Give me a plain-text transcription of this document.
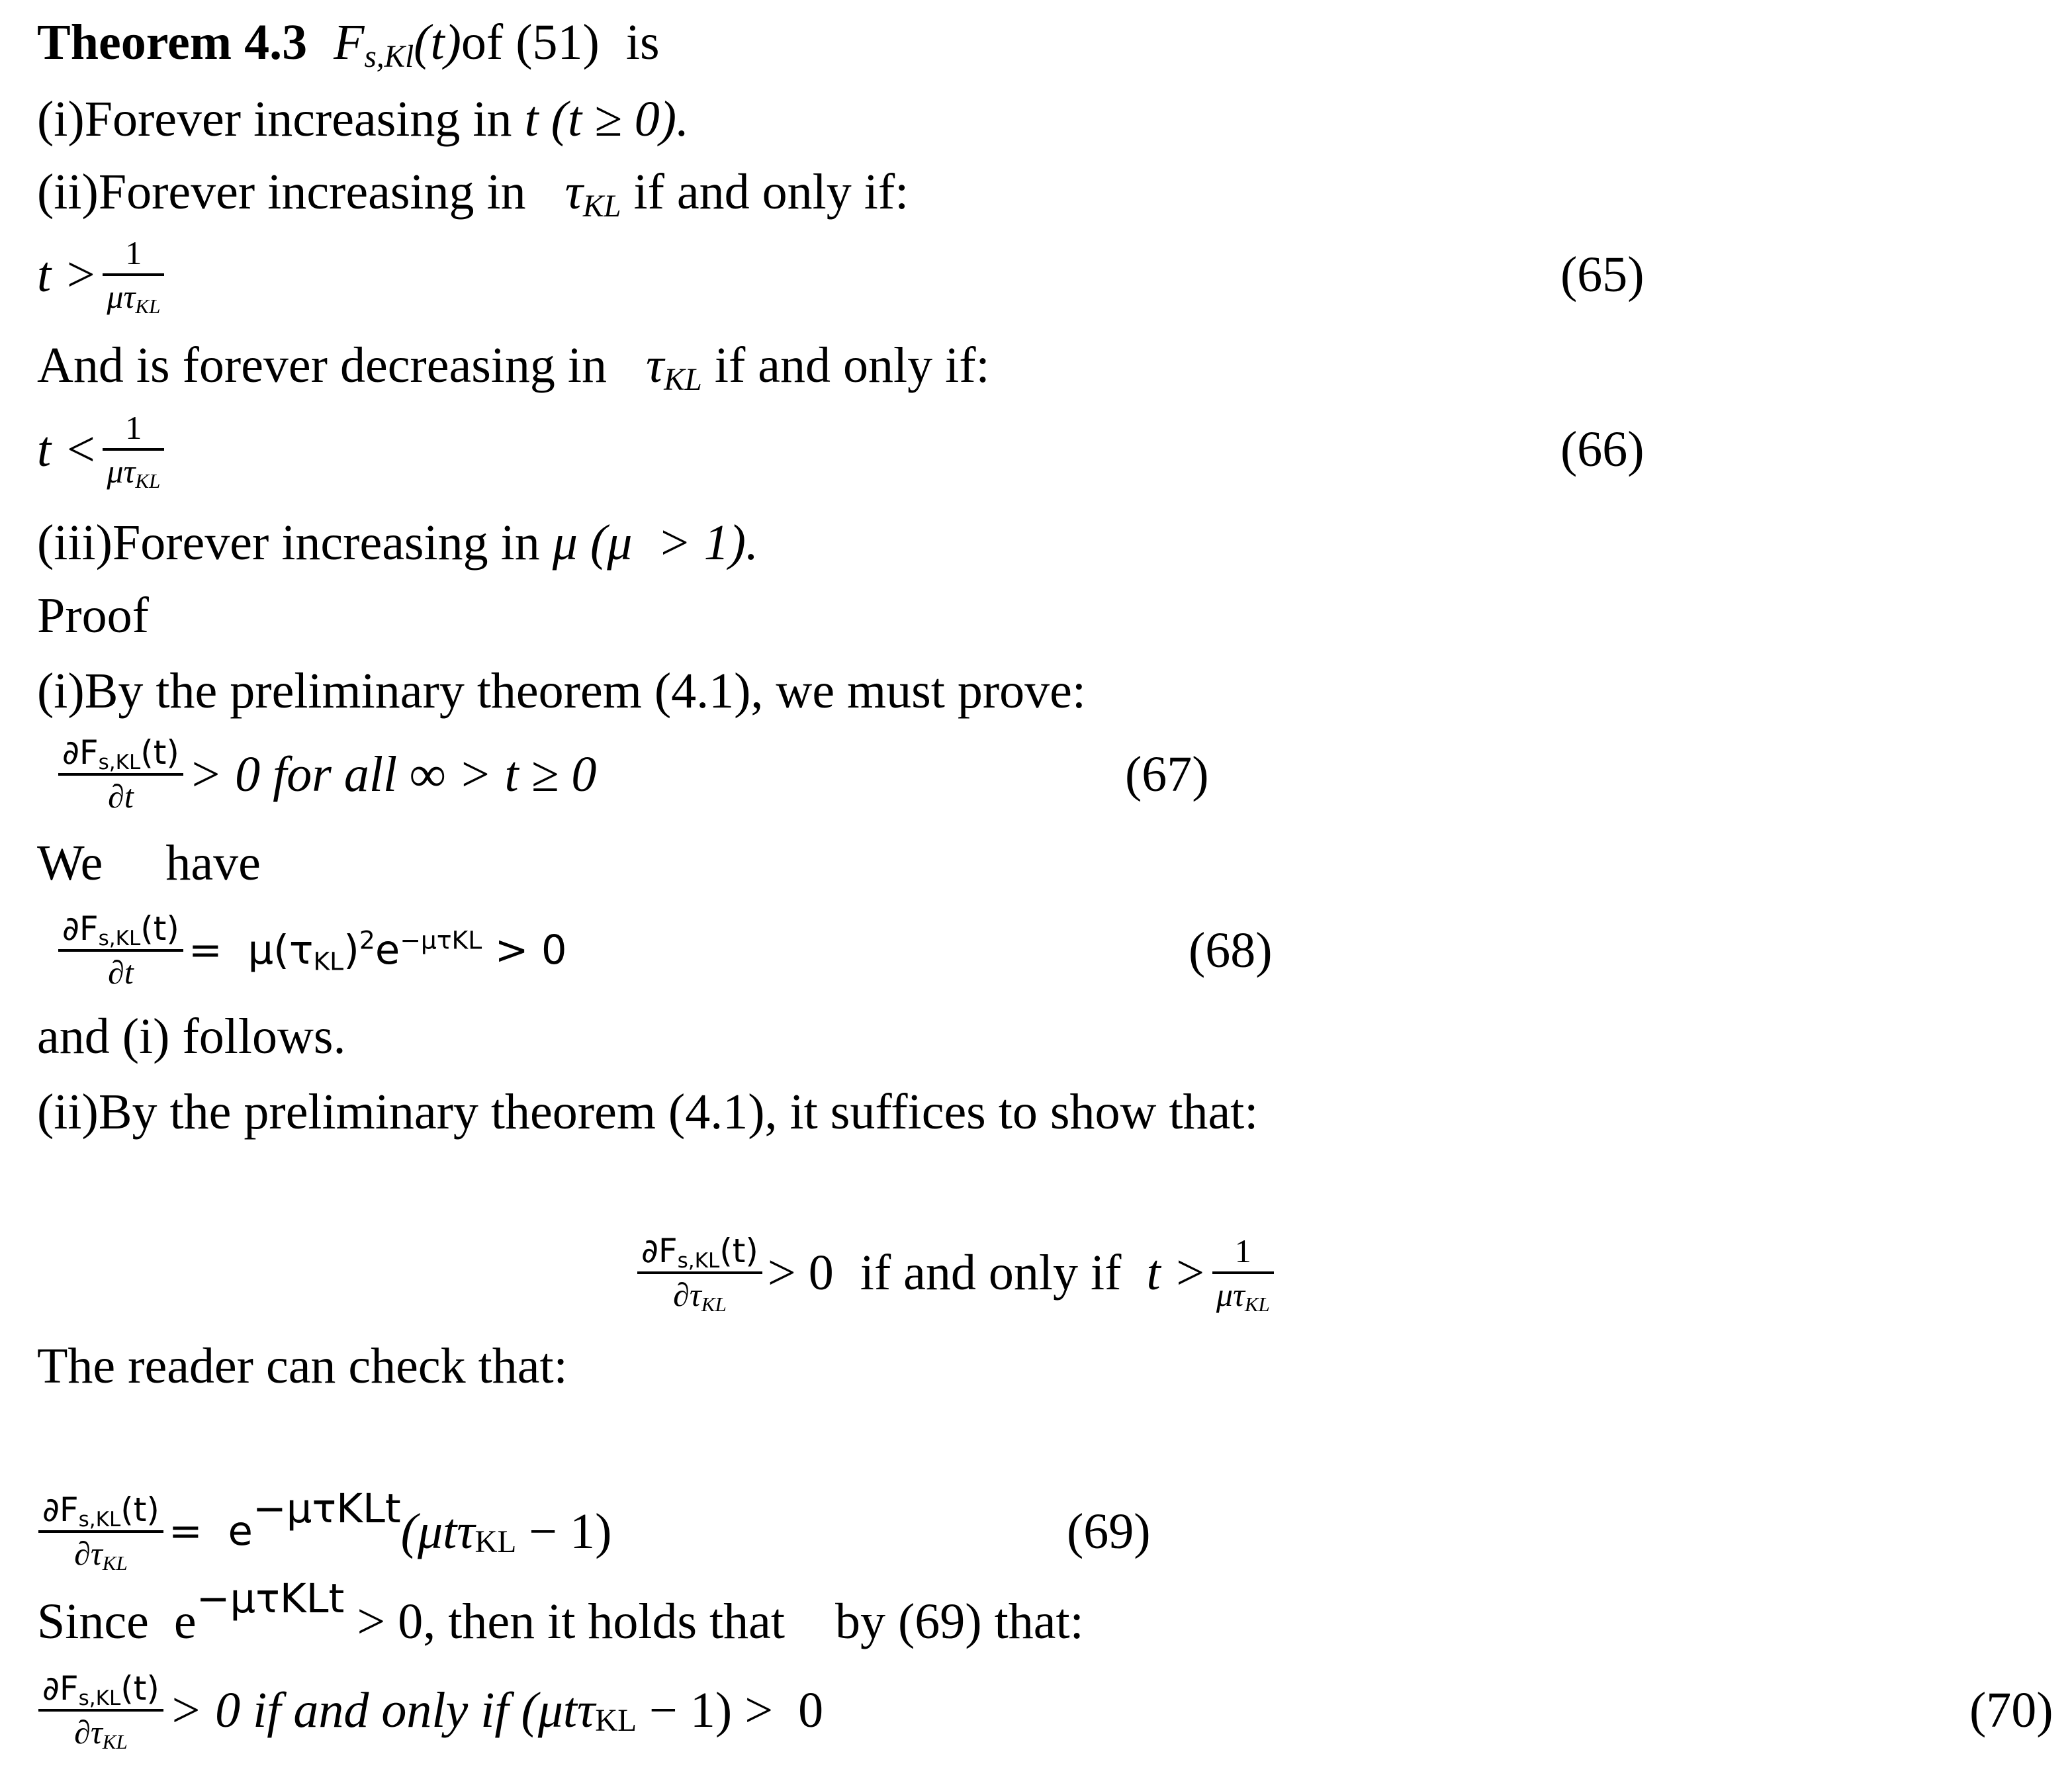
Theorem 4.3 $F_{s,Kl}(t)$ of (51) is
(i)Forever increasing in t
(t ≥ 0).
(ii)Forever increasing in $\tau_{KL}$ if and only if:
$t > \frac{1}{\mu\tau_{KL}}$	(65)
And is forever decreasing in $\tau_{KL}$ if and only if:
$t < \frac{1}{\mu\tau_{KL}}$	(66)
(iii)Forever increasing in μ
(μ  > 1).
Proof
(i)By the preliminary theorem (4.1), we must prove:
$\frac{\partial F_{s,KL}(t)}{\partial t} > 0$ for all ∞ > t ≥ 0	(67)
We     have
$\frac{\partial F_{s,KL}(t)}{\partial t} = \mu(\tau_{KL})^2e^{-\mu\tau KL} > 0$	(68)
and (i) follows.
(ii)By the preliminary theorem (4.1), it suffices to show that:
$\frac{\partial F_{s,KL}(t)}{\partial\tau_{KL}} > 0$ if and only if
$t > \frac{1}{\mu\tau_{KL}}$
The reader can check that:
$\frac{\partial F_{s,KL}(t)}{\partial\tau_{KL}} = e^{-\mu\tau KLt}$ (μtτ$_{KL}$ − 1)	(69)
Since  $e^{-\mu\tau KLt} > 0$, then it holds that    by (69) that:
$\frac{\partial F_{s,KL}(t)}{\partial\tau_{KL}} > 0$ if and only if (μtτ$_{KL}$ − 1) >  0	(70)
